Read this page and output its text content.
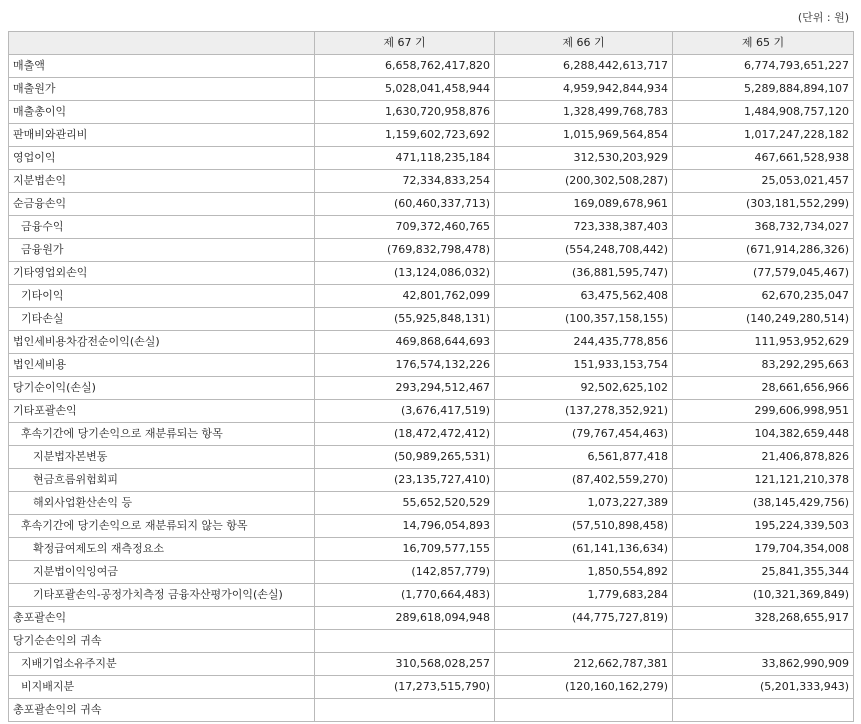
(단위 : 원)
	제 67 기	제 66 기	제 65 기
매출액	6,658,762,417,820	6,288,442,613,717	6,774,793,651,227
매출원가	5,028,041,458,944	4,959,942,844,934	5,289,884,894,107
매출총이익	1,630,720,958,876	1,328,499,768,783	1,484,908,757,120
판매비와관리비	1,159,602,723,692	1,015,969,564,854	1,017,247,228,182
영업이익	471,118,235,184	312,530,203,929	467,661,528,938
지분법손익	72,334,833,254	(200,302,508,287)	25,053,021,457
순금융손익	(60,460,337,713)	169,089,678,961	(303,181,552,299)
금융수익	709,372,460,765	723,338,387,403	368,732,734,027
금융원가	(769,832,798,478)	(554,248,708,442)	(671,914,286,326)
기타영업외손익	(13,124,086,032)	(36,881,595,747)	(77,579,045,467)
기타이익	42,801,762,099	63,475,562,408	62,670,235,047
기타손실	(55,925,848,131)	(100,357,158,155)	(140,249,280,514)
법인세비용차감전순이익(손실)	469,868,644,693	244,435,778,856	111,953,952,629
법인세비용	176,574,132,226	151,933,153,754	83,292,295,663
당기순이익(손실)	293,294,512,467	92,502,625,102	28,661,656,966
기타포괄손익	(3,676,417,519)	(137,278,352,921)	299,606,998,951
후속기간에 당기손익으로 재분류되는 항목	(18,472,472,412)	(79,767,454,463)	104,382,659,448
지분법자본변동	(50,989,265,531)	6,561,877,418	21,406,878,826
현금흐름위험회피	(23,135,727,410)	(87,402,559,270)	121,121,210,378
해외사업환산손익 등	55,652,520,529	1,073,227,389	(38,145,429,756)
후속기간에 당기손익으로 재분류되지 않는 항목	14,796,054,893	(57,510,898,458)	195,224,339,503
확정급여제도의 재측정요소	16,709,577,155	(61,141,136,634)	179,704,354,008
지분법이익잉여금	(142,857,779)	1,850,554,892	25,841,355,344
기타포괄손익-공정가치측정 금융자산평가이익(손실)	(1,770,664,483)	1,779,683,284	(10,321,369,849)
총포괄손익	289,618,094,948	(44,775,727,819)	328,268,655,917
당기순손익의 귀속			
지배기업소유주지분	310,568,028,257	212,662,787,381	33,862,990,909
비지배지분	(17,273,515,790)	(120,160,162,279)	(5,201,333,943)
총포괄손익의 귀속			
